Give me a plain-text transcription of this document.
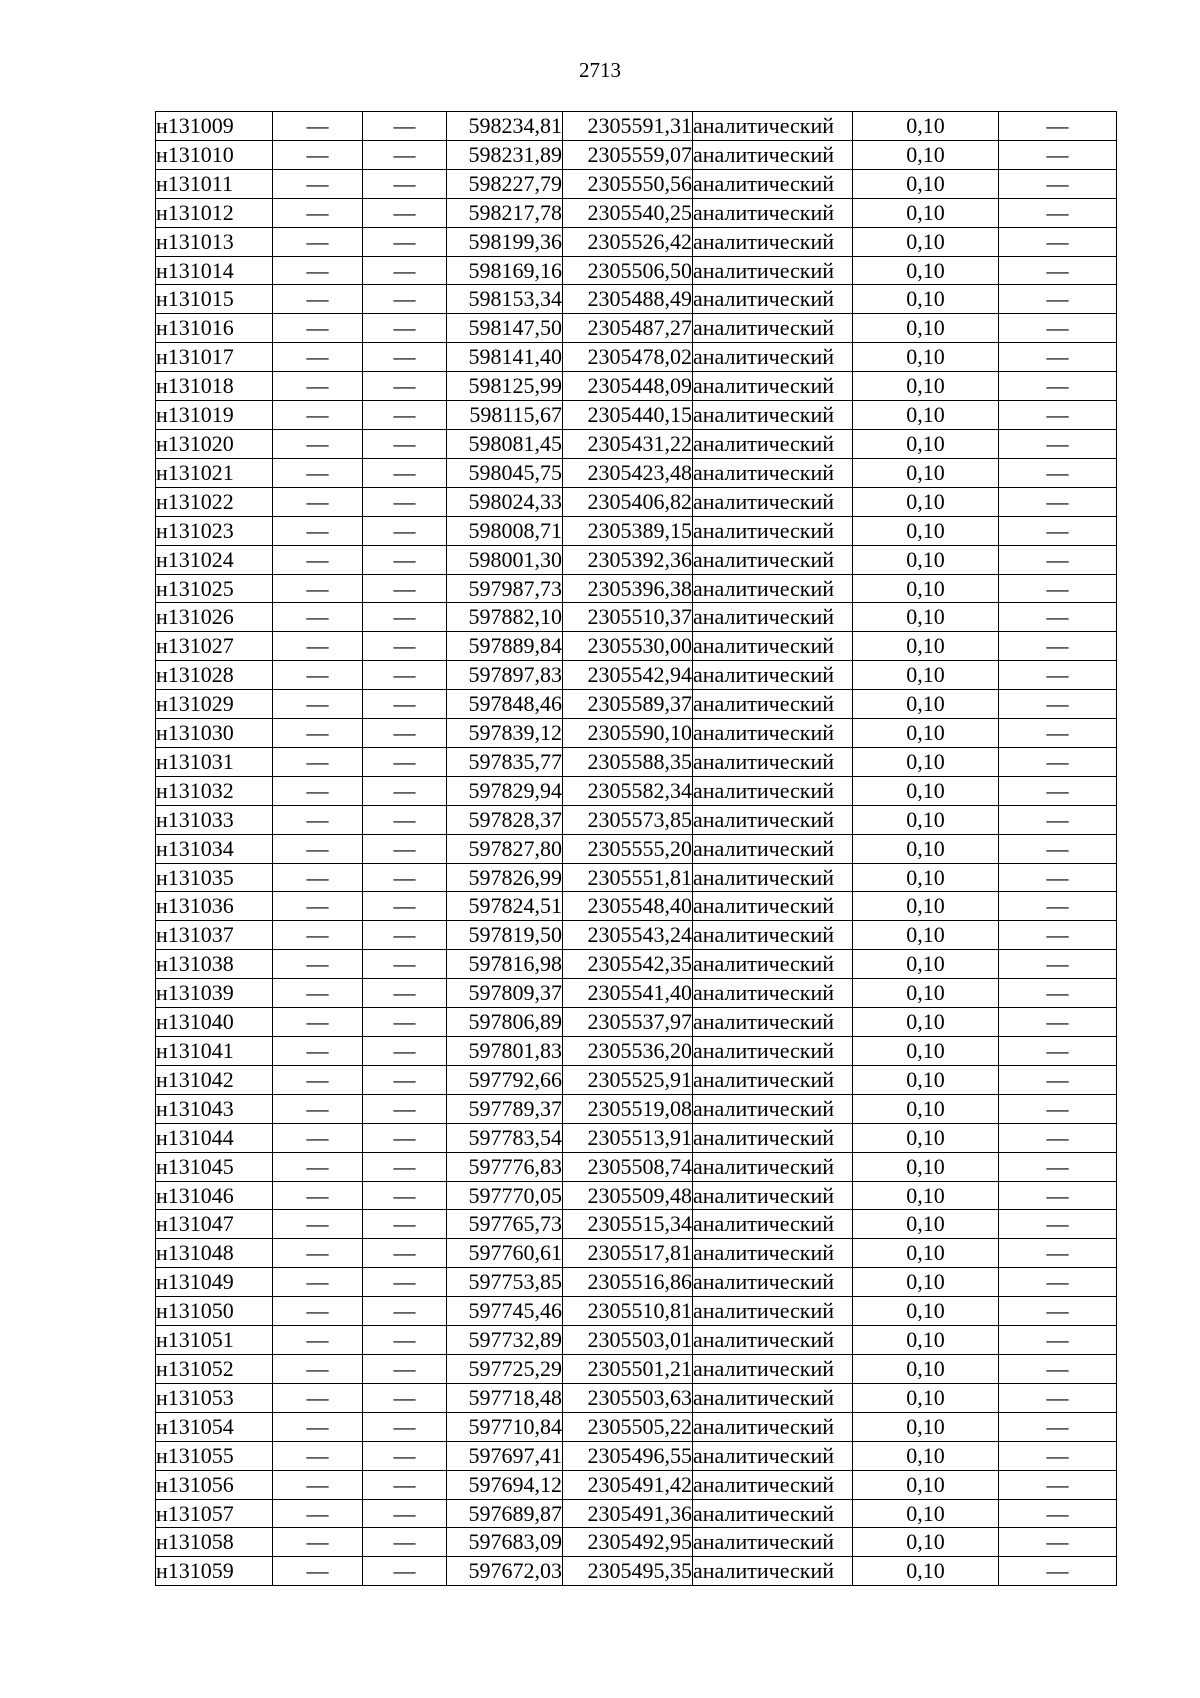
2713
н131009	—	—	598234,81	2305591,31	аналитический	0,10	—
н131010	—	—	598231,89	2305559,07	аналитический	0,10	—
н131011	—	—	598227,79	2305550,56	аналитический	0,10	—
н131012	—	—	598217,78	2305540,25	аналитический	0,10	—
н131013	—	—	598199,36	2305526,42	аналитический	0,10	—
н131014	—	—	598169,16	2305506,50	аналитический	0,10	—
н131015	—	—	598153,34	2305488,49	аналитический	0,10	—
н131016	—	—	598147,50	2305487,27	аналитический	0,10	—
н131017	—	—	598141,40	2305478,02	аналитический	0,10	—
н131018	—	—	598125,99	2305448,09	аналитический	0,10	—
н131019	—	—	598115,67	2305440,15	аналитический	0,10	—
н131020	—	—	598081,45	2305431,22	аналитический	0,10	—
н131021	—	—	598045,75	2305423,48	аналитический	0,10	—
н131022	—	—	598024,33	2305406,82	аналитический	0,10	—
н131023	—	—	598008,71	2305389,15	аналитический	0,10	—
н131024	—	—	598001,30	2305392,36	аналитический	0,10	—
н131025	—	—	597987,73	2305396,38	аналитический	0,10	—
н131026	—	—	597882,10	2305510,37	аналитический	0,10	—
н131027	—	—	597889,84	2305530,00	аналитический	0,10	—
н131028	—	—	597897,83	2305542,94	аналитический	0,10	—
н131029	—	—	597848,46	2305589,37	аналитический	0,10	—
н131030	—	—	597839,12	2305590,10	аналитический	0,10	—
н131031	—	—	597835,77	2305588,35	аналитический	0,10	—
н131032	—	—	597829,94	2305582,34	аналитический	0,10	—
н131033	—	—	597828,37	2305573,85	аналитический	0,10	—
н131034	—	—	597827,80	2305555,20	аналитический	0,10	—
н131035	—	—	597826,99	2305551,81	аналитический	0,10	—
н131036	—	—	597824,51	2305548,40	аналитический	0,10	—
н131037	—	—	597819,50	2305543,24	аналитический	0,10	—
н131038	—	—	597816,98	2305542,35	аналитический	0,10	—
н131039	—	—	597809,37	2305541,40	аналитический	0,10	—
н131040	—	—	597806,89	2305537,97	аналитический	0,10	—
н131041	—	—	597801,83	2305536,20	аналитический	0,10	—
н131042	—	—	597792,66	2305525,91	аналитический	0,10	—
н131043	—	—	597789,37	2305519,08	аналитический	0,10	—
н131044	—	—	597783,54	2305513,91	аналитический	0,10	—
н131045	—	—	597776,83	2305508,74	аналитический	0,10	—
н131046	—	—	597770,05	2305509,48	аналитический	0,10	—
н131047	—	—	597765,73	2305515,34	аналитический	0,10	—
н131048	—	—	597760,61	2305517,81	аналитический	0,10	—
н131049	—	—	597753,85	2305516,86	аналитический	0,10	—
н131050	—	—	597745,46	2305510,81	аналитический	0,10	—
н131051	—	—	597732,89	2305503,01	аналитический	0,10	—
н131052	—	—	597725,29	2305501,21	аналитический	0,10	—
н131053	—	—	597718,48	2305503,63	аналитический	0,10	—
н131054	—	—	597710,84	2305505,22	аналитический	0,10	—
н131055	—	—	597697,41	2305496,55	аналитический	0,10	—
н131056	—	—	597694,12	2305491,42	аналитический	0,10	—
н131057	—	—	597689,87	2305491,36	аналитический	0,10	—
н131058	—	—	597683,09	2305492,95	аналитический	0,10	—
н131059	—	—	597672,03	2305495,35	аналитический	0,10	—
